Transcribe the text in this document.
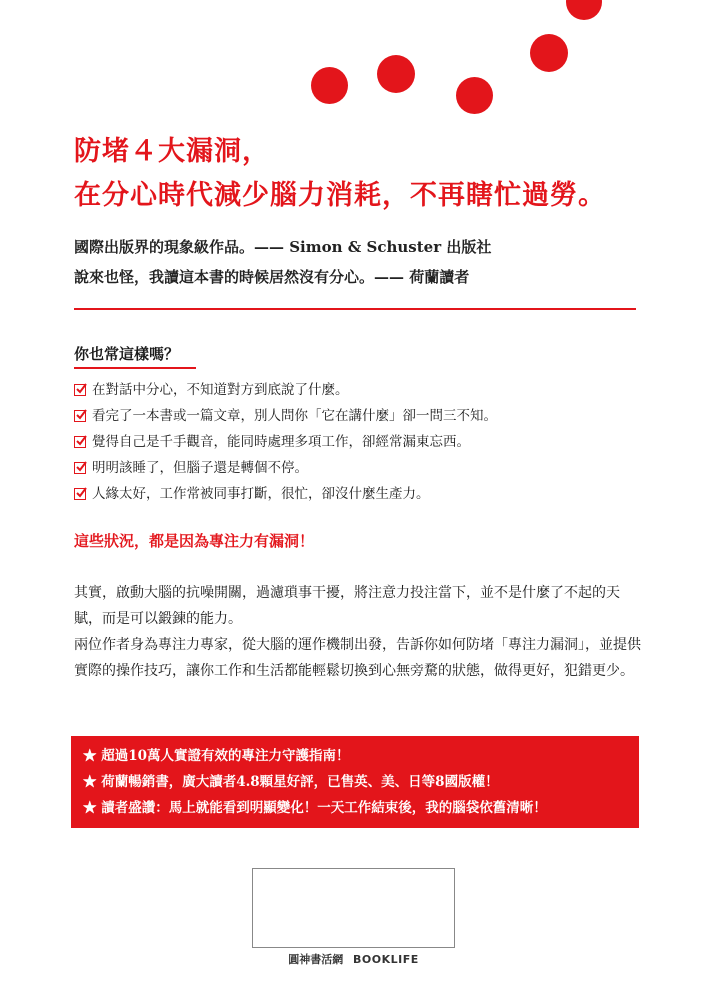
防堵４大漏洞，
在分心時代減少腦力消耗，不再瞎忙過勞。
國際出版界的現象級作品。—— Simon & Schuster 出版社
說來也怪，我讀這本書的時候居然沒有分心。—— 荷蘭讀者
你也常這樣嗎？
在對話中分心，不知道對方到底說了什麼。
看完了一本書或一篇文章，別人問你「它在講什麼」卻一問三不知。
覺得自己是千手觀音，能同時處理多項工作，卻經常漏東忘西。
明明該睡了，但腦子還是轉個不停。
人緣太好，工作常被同事打斷，很忙，卻沒什麼生產力。
這些狀況，都是因為專注力有漏洞！

其實，啟動大腦的抗噪開關，過濾瑣事干擾，將注意力投注當下，並不是什麼了不起的天賦，而是可以鍛鍊的能力。

兩位作者身為專注力專家，從大腦的運作機制出發，告訴你如何防堵「專注力漏洞」，並提供實際的操作技巧，讓你工作和生活都能輕鬆切換到心無旁騖的狀態，做得更好，犯錯更少。

★ 超過10萬人實證有效的專注力守護指南！
★ 荷蘭暢銷書，廣大讀者4.8顆星好評，已售英、美、日等8國版權！
★ 讀者盛讚：馬上就能看到明顯變化！一天工作結束後，我的腦袋依舊清晰！
圓神書活網 BOOKLIFE
